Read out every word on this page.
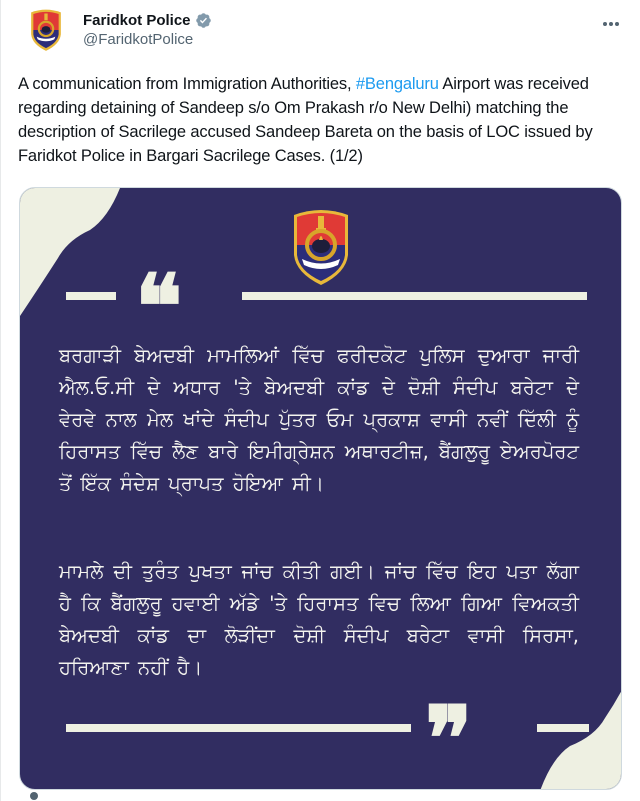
Faridkot Police
@FaridkotPolice
A communication from Immigration Authorities, #Bengaluru Airport was received regarding detaining of Sandeep s/o Om Prakash r/o New Delhi) matching the description of Sacrilege accused Sandeep Bareta on the basis of LOC issued by Faridkot Police in Bargari Sacrilege Cases. (1/2)
❝
ਬਰਗਾੜੀ ਬੇਅਦਬੀ ਮਾਮਲਿਆਂ ਵਿੱਚ ਫਰੀਦਕੋਟ ਪੁਲਿਸ ਦੁਆਰਾ ਜਾਰੀ ਐਲ.ਓ.ਸੀ ਦੇ ਅਧਾਰ 'ਤੇ ਬੇਅਦਬੀ ਕਾਂਡ ਦੇ ਦੋਸ਼ੀ ਸੰਦੀਪ ਬਰੇਟਾ ਦੇ ਵੇਰਵੇ ਨਾਲ ਮੇਲ ਖਾਂਦੇ ਸੰਦੀਪ ਪੁੱਤਰ ਓਮ ਪ੍ਰਕਾਸ਼ ਵਾਸੀ ਨਵੀਂ ਦਿੱਲੀ ਨੂੰ ਹਿਰਾਸਤ ਵਿੱਚ ਲੈਣ ਬਾਰੇ ਇਮੀਗ੍ਰੇਸ਼ਨ ਅਥਾਰਟੀਜ਼, ਬੈਂਗਲੁਰੂ ਏਅਰਪੋਰਟ ਤੋਂ ਇੱਕ ਸੰਦੇਸ਼ ਪ੍ਰਾਪਤ ਹੋਇਆ ਸੀ।
ਮਾਮਲੇ ਦੀ ਤੁਰੰਤ ਪੁਖਤਾ ਜਾਂਚ ਕੀਤੀ ਗਈ। ਜਾਂਚ ਵਿੱਚ ਇਹ ਪਤਾ ਲੱਗਾ ਹੈ ਕਿ ਬੈਂਗਲੁਰੂ ਹਵਾਈ ਅੱਡੇ 'ਤੇ ਹਿਰਾਸਤ ਵਿਚ ਲਿਆ ਗਿਆ ਵਿਅਕਤੀ ਬੇਅਦਬੀ ਕਾਂਡ ਦਾ ਲੋੜੀਂਦਾ ਦੋਸ਼ੀ ਸੰਦੀਪ ਬਰੇਟਾ ਵਾਸੀ ਸਿਰਸਾ, ਹਰਿਆਣਾ ਨਹੀਂ ਹੈ।
❞
